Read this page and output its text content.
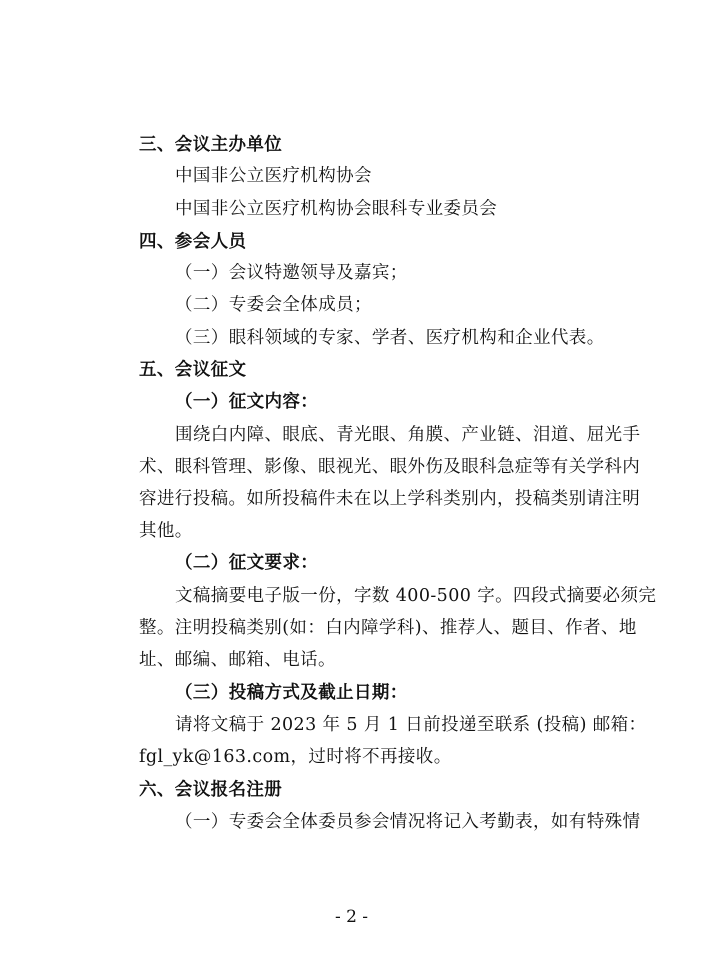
三、会议主办单位
中国非公立医疗机构协会
中国非公立医疗机构协会眼科专业委员会
四、参会人员
（一）会议特邀领导及嘉宾；
（二）专委会全体成员；
（三）眼科领域的专家、学者、医疗机构和企业代表。
五、会议征文
（一）征文内容：
围绕白内障、眼底、青光眼、角膜、产业链、泪道、屈光手
术、眼科管理、影像、眼视光、眼外伤及眼科急症等有关学科内
容进行投稿。如所投稿件未在以上学科类别内，投稿类别请注明
其他。
（二）征文要求：
文稿摘要电子版一份，字数 400-500 字。四段式摘要必须完
整。注明投稿类别(如：白内障学科)、推荐人、题目、作者、地
址、邮编、邮箱、电话。
（三）投稿方式及截止日期：
请将文稿于 2023 年 5 月 1 日前投递至联系 (投稿) 邮箱：
fgl_yk@163.com，过时将不再接收。
六、会议报名注册
（一）专委会全体委员参会情况将记入考勤表，如有特殊情
- 2 -
